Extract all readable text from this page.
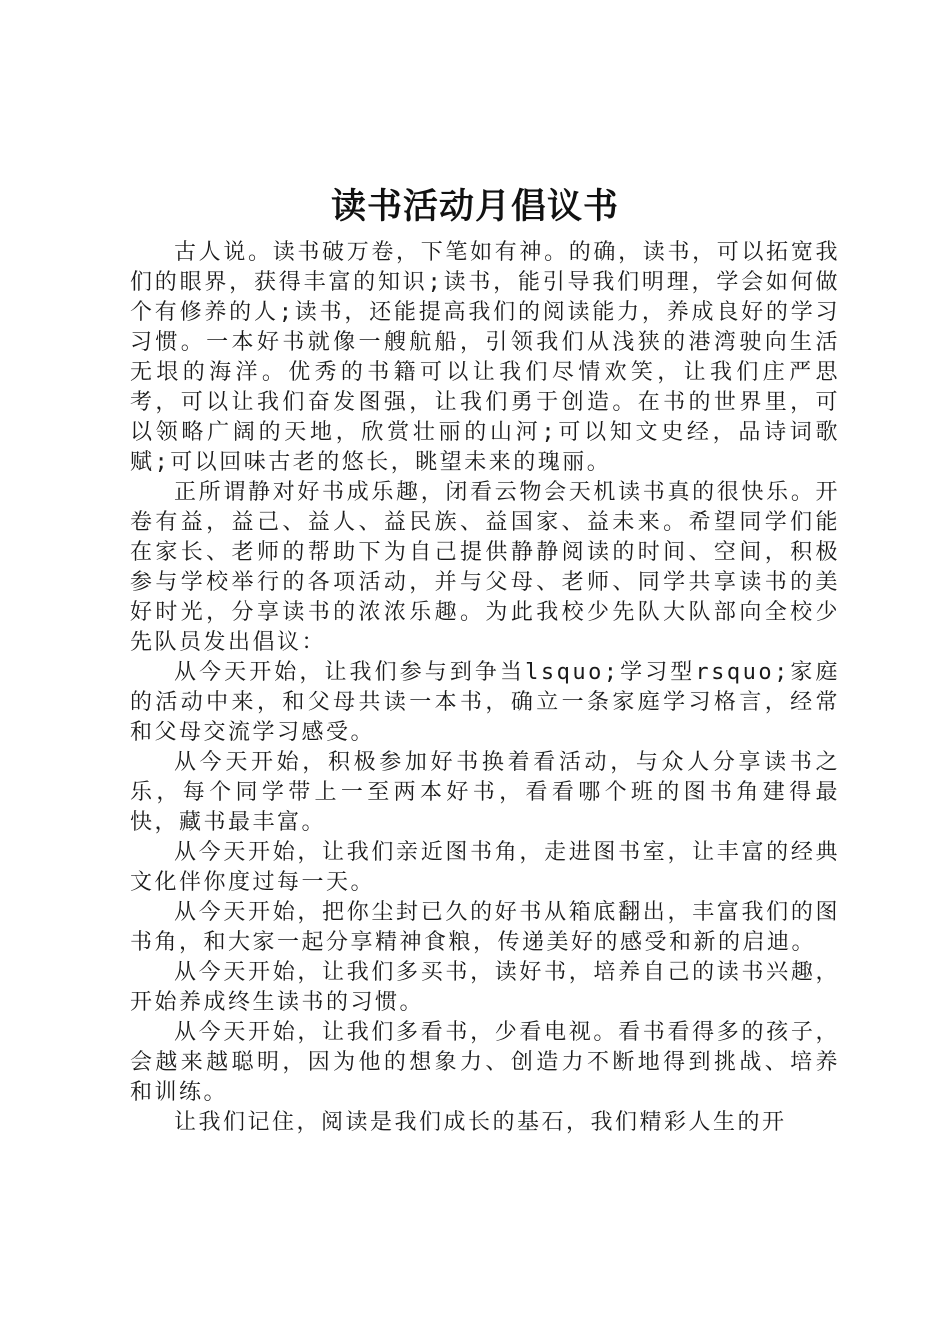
读书活动月倡议书

古人说。读书破万卷，下笔如有神。的确，读书，可以拓宽我们的眼界，获得丰富的知识;读书，能引导我们明理，学会如何做个有修养的人;读书，还能提高我们的阅读能力，养成良好的学习习惯。一本好书就像一艘航船，引领我们从浅狭的港湾驶向生活无垠的海洋。优秀的书籍可以让我们尽情欢笑，让我们庄严思考，可以让我们奋发图强，让我们勇于创造。在书的世界里，可以领略广阔的天地，欣赏壮丽的山河;可以知文史经，品诗词歌赋;可以回味古老的悠长，眺望未来的瑰丽。

正所谓静对好书成乐趣，闭看云物会天机读书真的很快乐。开卷有益，益己、益人、益民族、益国家、益未来。希望同学们能在家长、老师的帮助下为自己提供静静阅读的时间、空间，积极参与学校举行的各项活动，并与父母、老师、同学共享读书的美好时光，分享读书的浓浓乐趣。为此我校少先队大队部向全校少先队员发出倡议：

从今天开始，让我们参与到争当lsquo;学习型rsquo;家庭的活动中来，和父母共读一本书，确立一条家庭学习格言，经常和父母交流学习感受。

从今天开始，积极参加好书换着看活动，与众人分享读书之乐，每个同学带上一至两本好书，看看哪个班的图书角建得最快，藏书最丰富。

从今天开始，让我们亲近图书角，走进图书室，让丰富的经典文化伴你度过每一天。

从今天开始，把你尘封已久的好书从箱底翻出，丰富我们的图书角，和大家一起分享精神食粮，传递美好的感受和新的启迪。

从今天开始，让我们多买书，读好书，培养自己的读书兴趣，开始养成终生读书的习惯。

从今天开始，让我们多看书，少看电视。看书看得多的孩子，会越来越聪明，因为他的想象力、创造力不断地得到挑战、培养和训练。

让我们记住，阅读是我们成长的基石，我们精彩人生的开
